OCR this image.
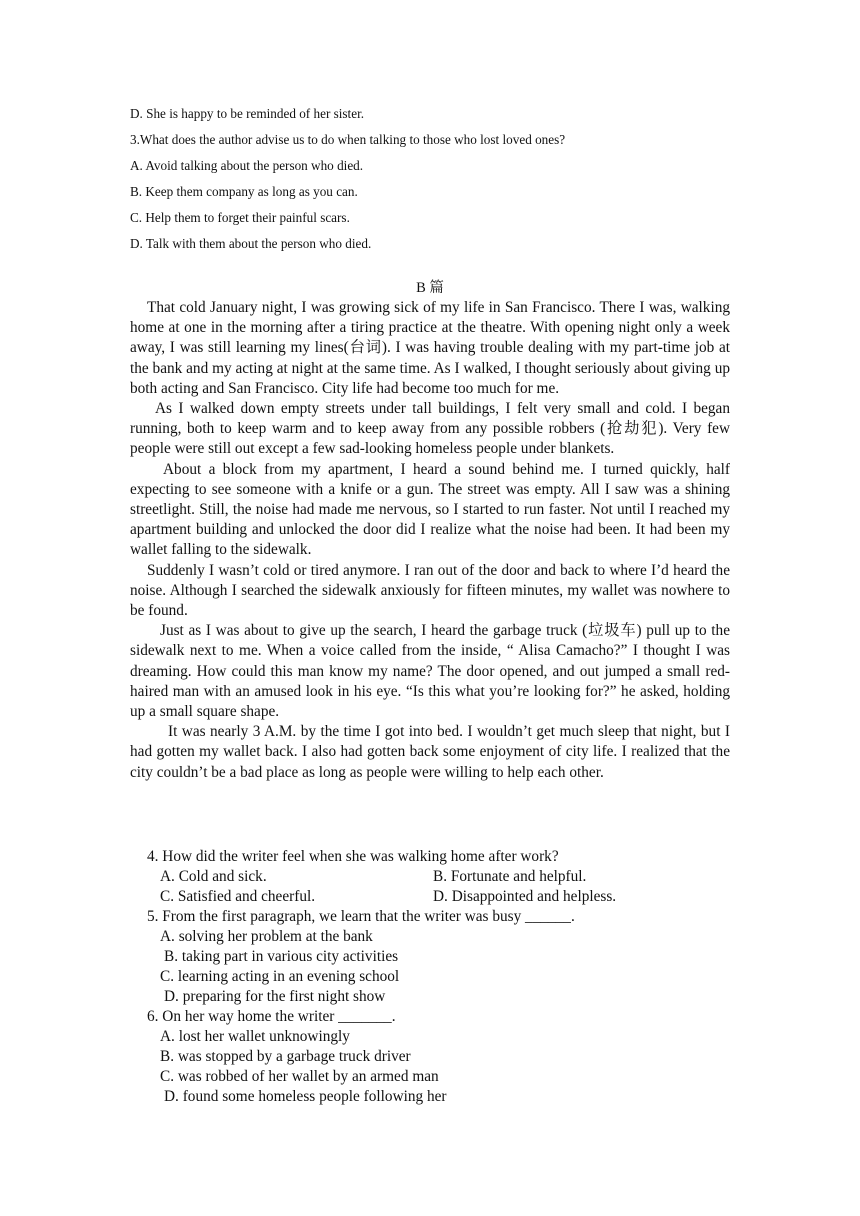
D. She is happy to be reminded of her sister.
3.What does the author advise us to do when talking to those who lost loved ones?
A. Avoid talking about the person who died.
B. Keep them company as long as you can.
C. Help them to forget their painful scars.
D. Talk with them about the person who died.
B 篇

That cold January night, I was growing sick of my life in San Francisco. There I was, walking home at one in the morning after a tiring practice at the theatre. With opening night only a week away, I was still learning my lines(台词). I was having trouble dealing with my part-time job at the bank and my acting at night at the same time. As I walked, I thought seriously about giving up both acting and San Francisco. City life had become too much for me.

As I walked down empty streets under tall buildings, I felt very small and cold. I began running, both to keep warm and to keep away from any possible robbers (抢劫犯). Very few people were still out except a few sad-looking homeless people under blankets.

About a block from my apartment, I heard a sound behind me. I turned quickly, half expecting to see someone with a knife or a gun. The street was empty. All I saw was a shining streetlight. Still, the noise had made me nervous, so I started to run faster. Not until I reached my apartment building and unlocked the door did I realize what the noise had been. It had been my wallet falling to the sidewalk.

Suddenly I wasn’t cold or tired anymore. I ran out of the door and back to where I’d heard the noise. Although I searched the sidewalk anxiously for fifteen minutes, my wallet was nowhere to be found.

Just as I was about to give up the search, I heard the garbage truck (垃圾车) pull up to the sidewalk next to me. When a voice called from the inside, “ Alisa Camacho?” I thought I was dreaming. How could this man know my name? The door opened, and out jumped a small red-haired man with an amused look in his eye. “Is this what you’re looking for?” he asked, holding up a small square shape.

It was nearly 3 A.M. by the time I got into bed. I wouldn’t get much sleep that night, but I had gotten my wallet back. I also had gotten back some enjoyment of city life. I realized that the city couldn’t be a bad place as long as people were willing to help each other.

4. How did the writer feel when she was walking home after work?
A. Cold and sick.	B. Fortunate and helpful.
C. Satisfied and cheerful.	D. Disappointed and helpless.
5. From the first paragraph, we learn that the writer was busy ______.
A. solving her problem at the bank
B. taking part in various city activities
C. learning acting in an evening school
D. preparing for the first night show
6. On her way home the writer _______.
A. lost her wallet unknowingly
B. was stopped by a garbage truck driver
C. was robbed of her wallet by an armed man
D. found some homeless people following her
